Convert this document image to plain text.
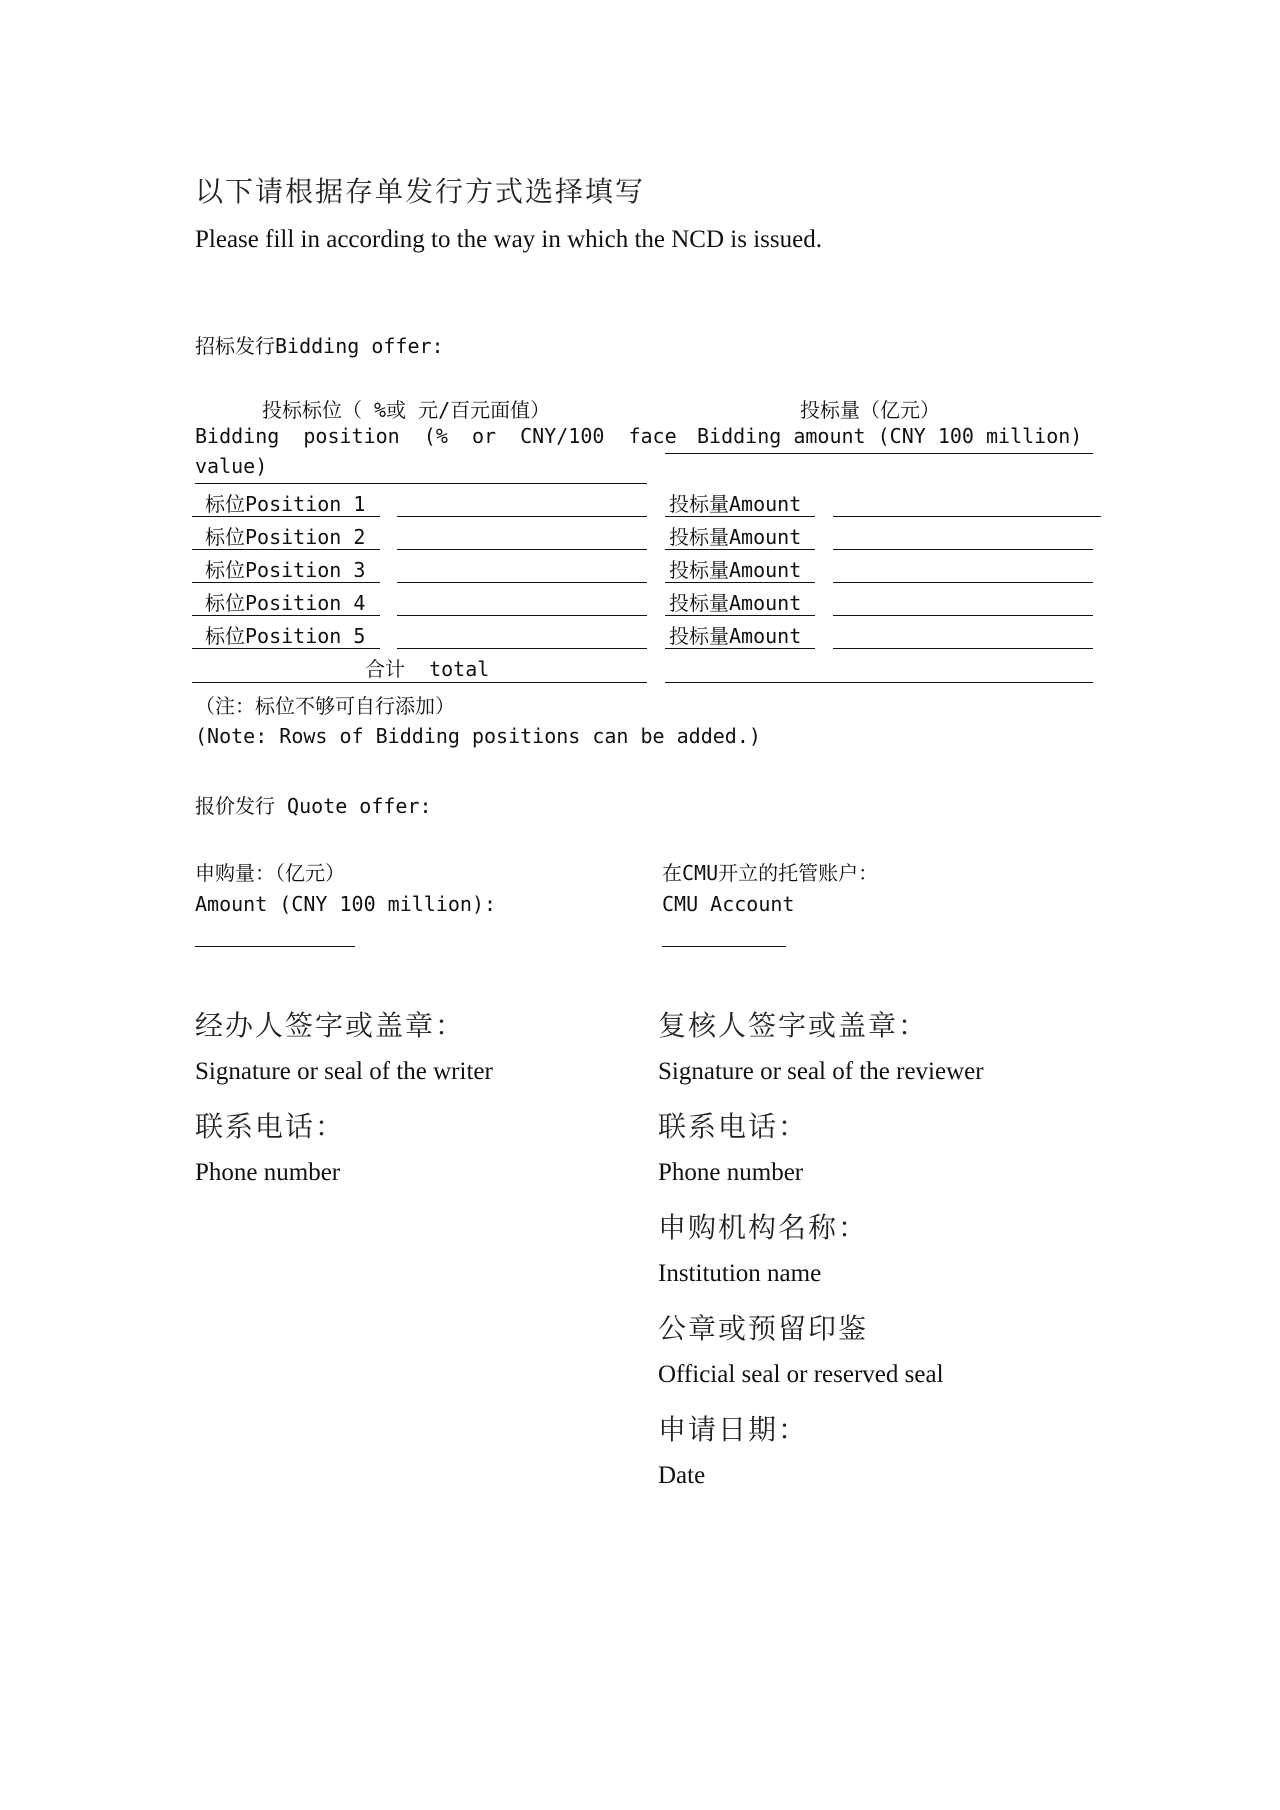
以下请根据存单发行方式选择填写
Please fill in according to the way in which the NCD is issued.
招标发行Bidding offer:
投标标位（ %或 元/百元面值）
Bidding  position  (%  or  CNY/100  face
value)
投标量（亿元）
Bidding amount (CNY 100 million)
标位Position 1	投标量Amount
标位Position 2	投标量Amount
标位Position 3	投标量Amount
标位Position 4	投标量Amount
标位Position 5	投标量Amount
合计  total
（注：标位不够可自行添加）
(Note: Rows of Bidding positions can be added.)
报价发行 Quote offer:
申购量：（亿元）
Amount (CNY 100 million):
在CMU开立的托管账户：
CMU Account
经办人签字或盖章：
Signature or seal of the writer
联系电话：
Phone number
复核人签字或盖章：
Signature or seal of the reviewer
联系电话：
Phone number
申购机构名称：
Institution name
公章或预留印鉴
Official seal or reserved seal
申请日期：
Date
